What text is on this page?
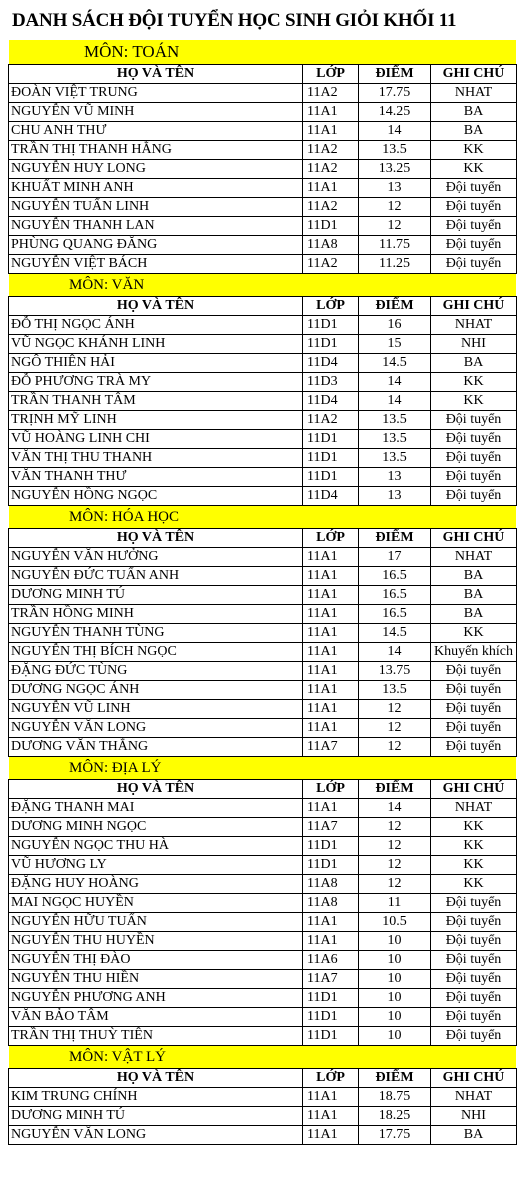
DANH SÁCH ĐỘI TUYỂN HỌC SINH GIỎI KHỐI 11
MÔN: TOÁN
HỌ VÀ TÊN	LỚP	ĐIỂM	GHI CHÚ
ĐOÀN VIỆT TRUNG	11A2	17.75	NHAT
NGUYỄN VŨ MINH	11A1	14.25	BA
CHU ANH THƯ	11A1	14	BA
TRẦN THỊ THANH HẰNG	11A2	13.5	KK
NGUYỄN HUY LONG	11A2	13.25	KK
KHUẤT MINH ANH	11A1	13	Đội tuyển
NGUYỄN TUẤN LINH	11A2	12	Đội tuyển
NGUYỄN THANH LAN	11D1	12	Đội tuyển
PHÙNG QUANG ĐĂNG	11A8	11.75	Đội tuyển
NGUYỄN VIỆT BÁCH	11A2	11.25	Đội tuyển
MÔN: VĂN
HỌ VÀ TÊN	LỚP	ĐIỂM	GHI CHÚ
ĐỖ THỊ NGỌC ÁNH	11D1	16	NHAT
VŨ NGỌC KHÁNH LINH	11D1	15	NHI
NGÔ THIÊN HẢI	11D4	14.5	BA
ĐỖ PHƯƠNG TRÀ MY	11D3	14	KK
TRẦN THANH TÂM	11D4	14	KK
TRỊNH MỸ LINH	11A2	13.5	Đội tuyển
VŨ HOÀNG LINH CHI	11D1	13.5	Đội tuyển
VĂN THỊ THU THANH	11D1	13.5	Đội tuyển
VĂN THANH THƯ	11D1	13	Đội tuyển
NGUYỄN HỒNG NGỌC	11D4	13	Đội tuyển
MÔN: HÓA HỌC
HỌ VÀ TÊN	LỚP	ĐIỂM	GHI CHÚ
NGUYỄN VĂN HƯỞNG	11A1	17	NHAT
NGUYỄN ĐỨC TUẤN ANH	11A1	16.5	BA
DƯƠNG MINH TÚ	11A1	16.5	BA
TRẦN HỒNG MINH	11A1	16.5	BA
NGUYỄN THANH TÙNG	11A1	14.5	KK
NGUYỄN THỊ BÍCH NGỌC	11A1	14	Khuyến khích
ĐẶNG ĐỨC TÙNG	11A1	13.75	Đội tuyển
DƯƠNG NGỌC ÁNH	11A1	13.5	Đội tuyển
NGUYỄN VŨ LINH	11A1	12	Đội tuyển
NGUYỄN VĂN LONG	11A1	12	Đội tuyển
DƯƠNG VĂN THẮNG	11A7	12	Đội tuyển
MÔN: ĐỊA LÝ
HỌ VÀ TÊN	LỚP	ĐIỂM	GHI CHÚ
ĐẶNG THANH MAI	11A1	14	NHAT
DƯƠNG MINH NGỌC	11A7	12	KK
NGUYỄN NGỌC THU HÀ	11D1	12	KK
VŨ HƯƠNG LY	11D1	12	KK
ĐẶNG HUY HOÀNG	11A8	12	KK
MAI NGỌC HUYỀN	11A8	11	Đội tuyển
NGUYỄN HỮU TUẤN	11A1	10.5	Đội tuyển
NGUYỄN THU HUYỀN	11A1	10	Đội tuyển
NGUYỄN THỊ ĐÀO	11A6	10	Đội tuyển
NGUYỄN THU HIỀN	11A7	10	Đội tuyển
NGUYỄN PHƯƠNG ANH	11D1	10	Đội tuyển
VĂN BẢO TÂM	11D1	10	Đội tuyển
TRẦN THỊ THUỲ TIÊN	11D1	10	Đội tuyển
MÔN: VẬT LÝ
HỌ VÀ TÊN	LỚP	ĐIỂM	GHI CHÚ
KIM TRUNG CHÍNH	11A1	18.75	NHAT
DƯƠNG MINH TÚ	11A1	18.25	NHI
NGUYỄN VĂN LONG	11A1	17.75	BA
